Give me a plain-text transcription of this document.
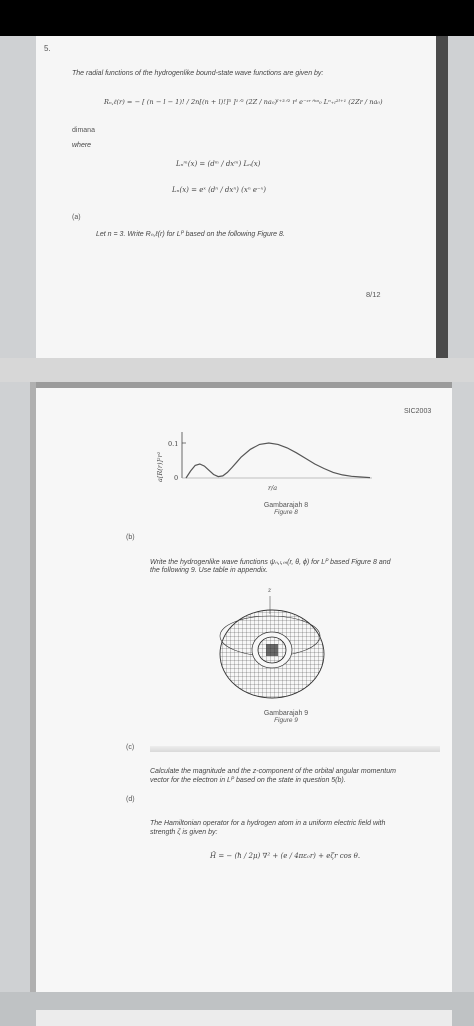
5.
The radial functions of the hydrogenlike bound-state wave functions are given by:
Rₙ,ℓ(r) = − [ (n − l − 1)! / 2n[(n + l)!]³ ]¹ᐟ² (2Z / na₀)ˡ⁺³ᐟ² rˡ e⁻ᶻʳᐟⁿᵃ₀ Lⁿ₊ₗ²ˡ⁺¹ (2Zr / na₀)
dimana
where
Lₙᵐ(x) = (dᵐ / dxᵐ) Lₙ(x)
Lₙ(x) = eˣ (dⁿ / dxⁿ) (xⁿ e⁻ˣ)
(a)
Let n = 3. Write Rₙ,ℓ(r) for Lᴾ based on the following Figure 8.
8/12
SIC2003
a[R(r)]²r²
0.1
0
r/a
Gambarajah 8
Figure 8
(b)
Write the hydrogenlike wave functions ψₙ,ₗ,ₘ(r, θ, ϕ) for Lᴾ based Figure 8 and
the following 9. Use table in appendix.
z
Gambarajah 9
Figure 9
(c)
Calculate the magnitude and the z-component of the orbital angular momentum
vector for the electron in Lᴾ based on the state in question 5(b).
(d)
The Hamiltonian operator for a hydrogen atom in a uniform electric field with
strength ζ is given by:
Ĥ = − (ħ / 2μ) ∇² + (e / 4πε₀r) + eζr cos θ.
